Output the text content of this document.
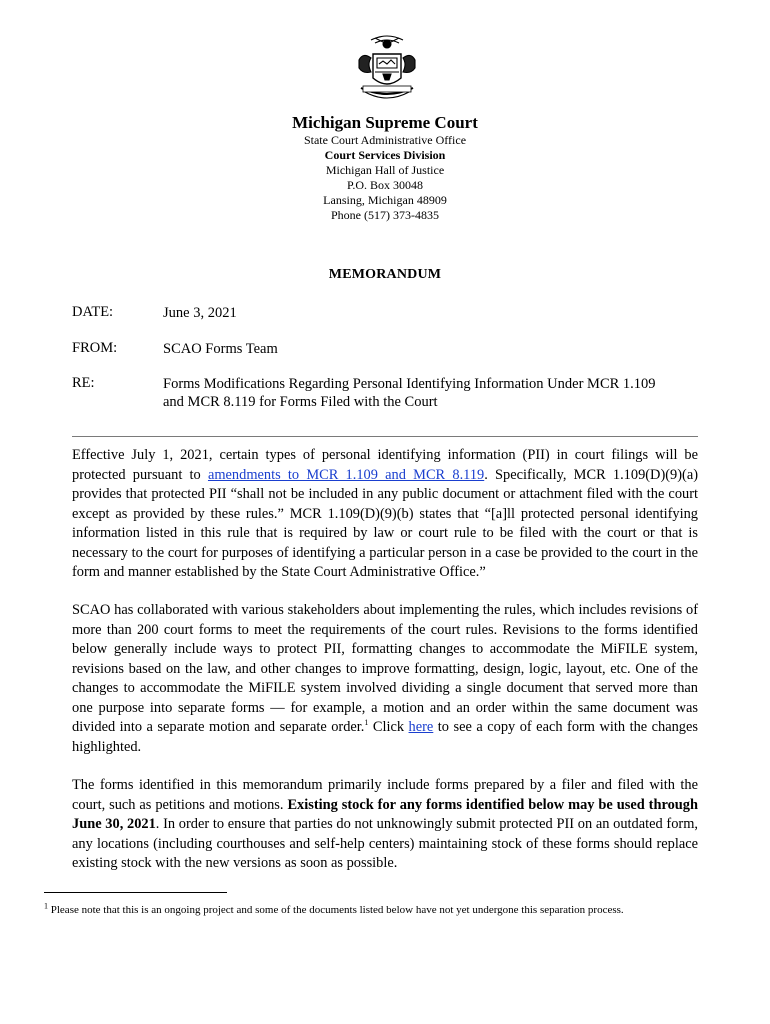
Michigan Supreme Court
State Court Administrative Office
Court Services Division
Michigan Hall of Justice
P.O. Box 30048
Lansing, Michigan 48909
Phone (517) 373-4835
MEMORANDUM
DATE:	June 3, 2021
FROM:	SCAO Forms Team
RE:	Forms Modifications Regarding Personal Identifying Information Under MCR 1.109
and MCR 8.119 for Forms Filed with the Court
Effective July 1, 2021, certain types of personal identifying information (PII) in court filings will be protected pursuant to amendments to MCR 1.109 and MCR 8.119. Specifically, MCR 1.109(D)(9)(a) provides that protected PII “shall not be included in any public document or attachment filed with the court except as provided by these rules.” MCR 1.109(D)(9)(b) states that “[a]ll protected personal identifying information listed in this rule that is required by law or court rule to be filed with the court or that is necessary to the court for purposes of identifying a particular person in a case be provided to the court in the form and manner established by the State Court Administrative Office.”
SCAO has collaborated with various stakeholders about implementing the rules, which includes revisions of more than 200 court forms to meet the requirements of the court rules. Revisions to the forms identified below generally include ways to protect PII, formatting changes to accommodate the MiFILE system, revisions based on the law, and other changes to improve formatting, design, logic, layout, etc. One of the changes to accommodate the MiFILE system involved dividing a single document that served more than one purpose into separate forms — for example, a motion and an order within the same document was divided into a separate motion and separate order.$^1$ Click here to see a copy of each form with the changes highlighted.
The forms identified in this memorandum primarily include forms prepared by a filer and filed with the court, such as petitions and motions. Existing stock for any forms identified below may be used through June 30, 2021. In order to ensure that parties do not unknowingly submit protected PII on an outdated form, any locations (including courthouses and self-help centers) maintaining stock of these forms should replace existing stock with the new versions as soon as possible.
$^1$ Please note that this is an ongoing project and some of the documents listed below have not yet undergone this separation process.
